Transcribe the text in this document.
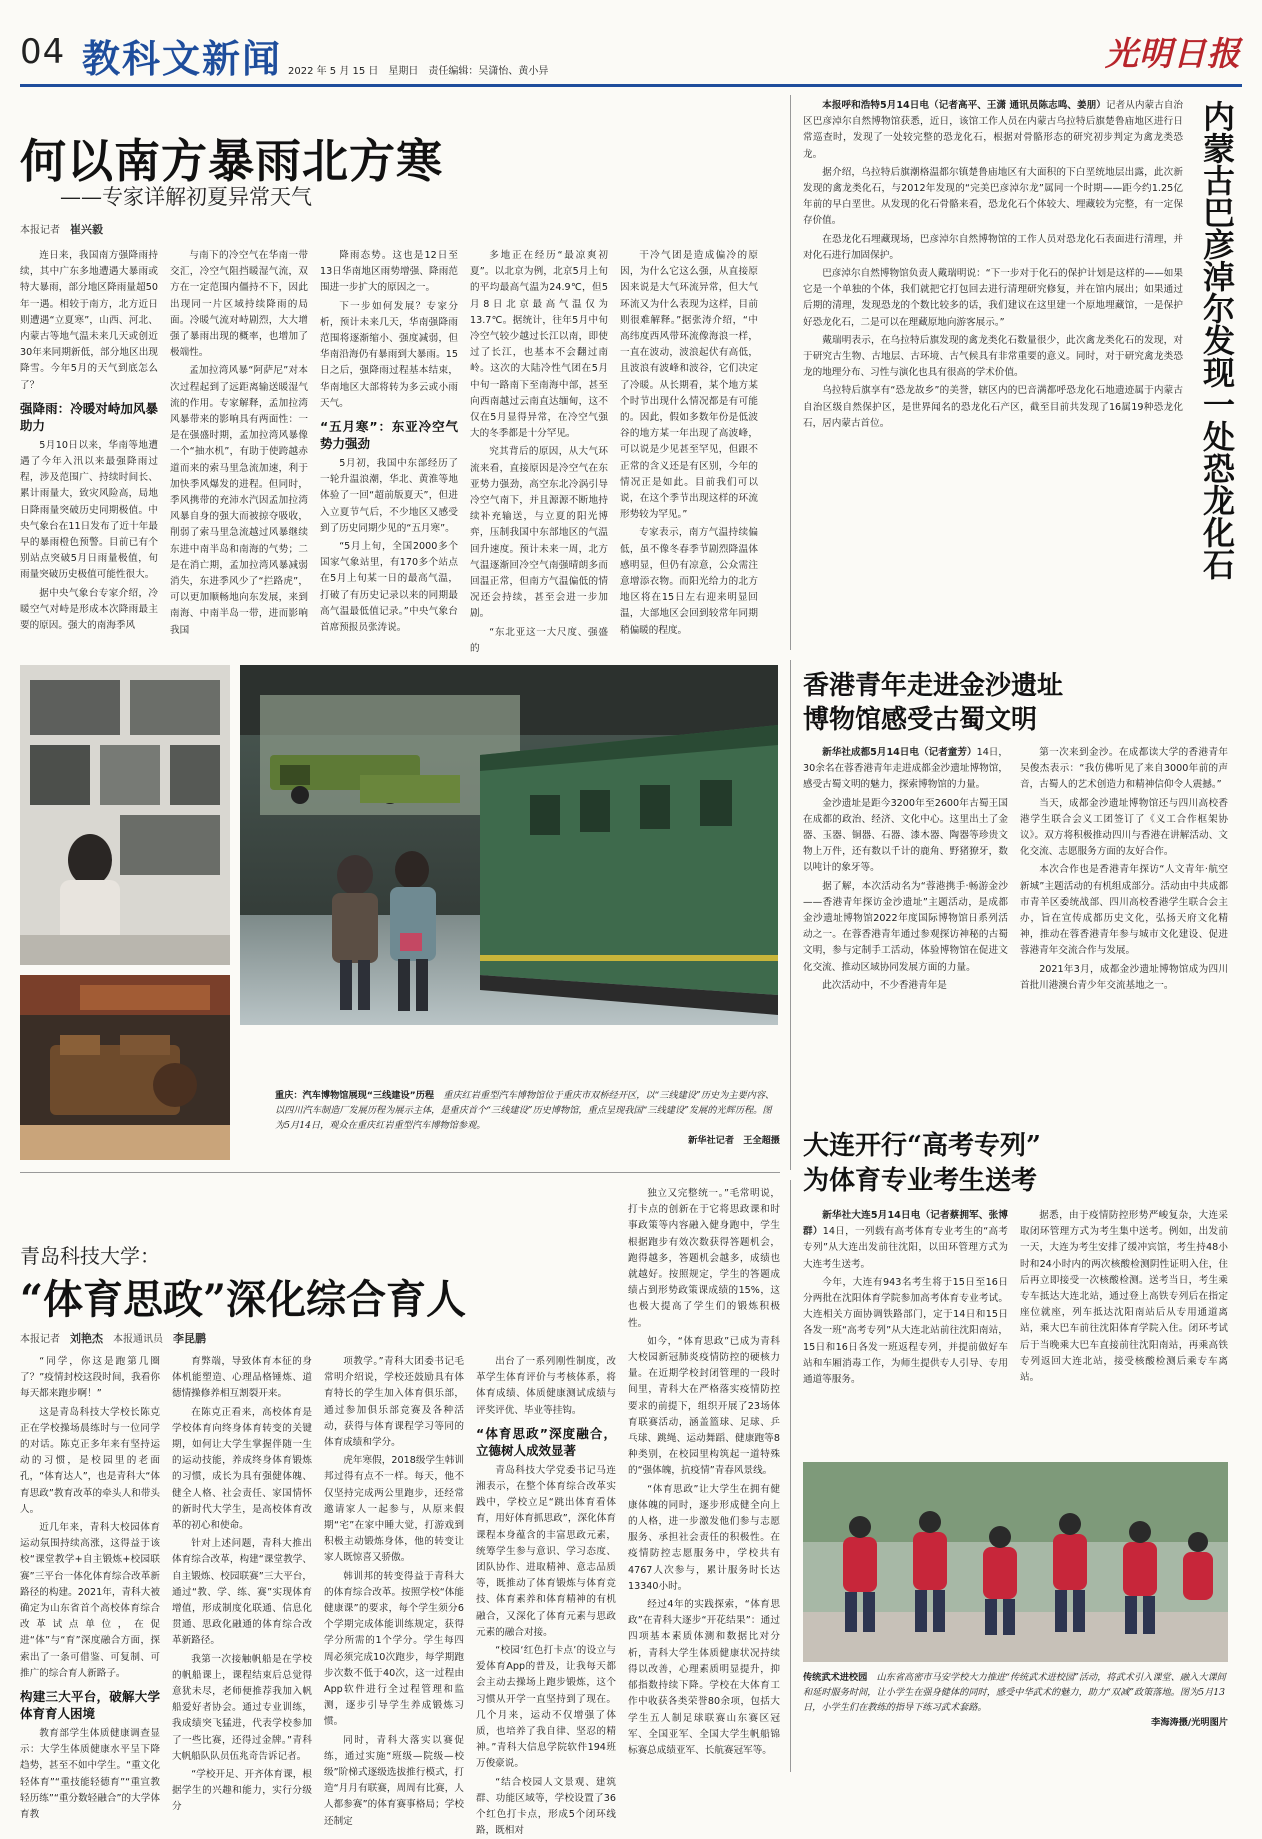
04 教科文新闻 2022 年 5 月 15 日　星期日　责任编辑：吴潇怡、黄小异	光明日报
何以南方暴雨北方寒
——专家详解初夏异常天气
本报记者　 崔兴毅

连日来，我国南方强降雨持续，其中广东多地遭遇大暴雨或特大暴雨，部分地区降雨量超50年一遇。相较于南方，北方近日则遭遇“立夏寒”，山西、河北、内蒙古等地气温未来几天或创近30年来同期新低，部分地区出现降雪。今年5月的天气到底怎么了？

强降雨：冷暖对峙加风暴助力

5月10日以来，华南等地遭遇了今年入汛以来最强降雨过程，涉及范围广、持续时间长、累计雨量大，致灾风险高，局地日降雨量突破历史同期极值。中央气象台在11日发布了近十年最早的暴雨橙色预警。目前已有个别站点突破5月日雨量极值，旬雨量突破历史极值可能性很大。

据中央气象台专家介绍，冷暖空气对峙是形成本次降雨最主要的原因。强大的南海季风

与南下的冷空气在华南一带交汇，冷空气阻挡暖湿气流，双方在一定范围内僵持不下，因此出现同一片区域持续降雨的局面。冷暖气流对峙剧烈，大大增强了暴雨出现的概率，也增加了极端性。

孟加拉湾风暴“阿萨尼”对本次过程起到了远距离输送暖湿气流的作用。专家解释，孟加拉湾风暴带来的影响具有两面性：一是在强盛时期，孟加拉湾风暴像一个“抽水机”，有助于使跨越赤道而来的索马里急流加速，利于加快季风爆发的进程。但同时，季风携带的充沛水汽因孟加拉湾风暴自身的强大而被掠夺吸收，削弱了索马里急流越过风暴继续东进中南半岛和南海的气势；二是在消亡期，孟加拉湾风暴减弱消失，东进季风少了“拦路虎”，可以更加顺畅地向东发展，来到南海、中南半岛一带，进而影响我国

降雨态势。这也是12日至13日华南地区雨势增强、降雨范围进一步扩大的原因之一。

下一步如何发展？专家分析，预计未来几天，华南强降雨范围将逐渐缩小、强度减弱，但华南沿海仍有暴雨到大暴雨。15日之后，强降雨过程基本结束，华南地区大部将转为多云或小雨天气。

“五月寒”：东亚冷空气势力强劲

5月初，我国中东部经历了一轮升温浪潮，华北、黄淮等地体验了一回“超前版夏天”，但进入立夏节气后，不少地区又感受到了历史同期少见的“五月寒”。

“5月上旬，全国2000多个国家气象站里，有170多个站点在5月上旬某一日的最高气温，打破了有历史记录以来的同期最高气温最低值记录。”中央气象台首席预报员张涛说。

多地正在经历“最凉爽初夏”。以北京为例，北京5月上旬的平均最高气温为24.9℃，但5月8日北京最高气温仅为13.7℃。据统计，往年5月中旬冷空气较少越过长江以南，即使过了长江，也基本不会翻过南岭。这次的大陆冷性气团在5月中旬一路南下至南海中部，甚至向西南越过云南直达缅甸，这不仅在5月显得异常，在冷空气强大的冬季都是十分罕见。

究其背后的原因，从大气环流来看，直接原因是冷空气在东亚势力强劲，高空东北冷涡引导冷空气南下，并且源源不断地持续补充输送，与立夏的阳光博弈，压制我国中东部地区的气温回升速度。预计未来一周，北方气温逐渐回冷空气南强晴朗多而回温正常，但南方气温偏低的情况还会持续，甚至会进一步加剧。

“东北亚这一大尺度、强盛的

干冷气团是造成偏冷的原因，为什么它这么强，从直接原因来说是大气环流异常，但大气环流又为什么表现为这样，目前则很难解释。”据张涛介绍，“中高纬度西风带环流像海浪一样，一直在波动，波浪起伏有高低，且波浪有波峰和波谷，它们决定了冷暖。从长期看，某个地方某个时节出现什么情况都是有可能的。因此，假如多数年份是低波谷的地方某一年出现了高波峰，可以说是少见甚至罕见，但跟不正常的含义还是有区别，今年的情况正是如此。目前我们可以说，在这个季节出现这样的环流形势较为罕见。”

专家表示，南方气温持续偏低，虽不像冬春季节剧烈降温体感明显，但仍有凉意，公众需注意增添衣物。而阳光给力的北方地区将在15日左右迎来明显回温，大部地区会回到较常年同期稍偏暖的程度。

本报呼和浩特5月14日电（记者高平、王潇 通讯员陈志鸣、姜朋）记者从内蒙古自治区巴彦淖尔自然博物馆获悉，近日，该馆工作人员在内蒙古乌拉特后旗楚鲁庙地区进行日常巡查时，发现了一处较完整的恐龙化石，根据对骨骼形态的研究初步判定为禽龙类恐龙。

据介绍，乌拉特后旗潮格温都尔镇楚鲁庙地区有大面积的下白垩统地层出露，此次新发现的禽龙类化石，与2012年发现的“完美巴彦淖尔龙”属同一个时期——距今约1.25亿年前的早白垩世。从发现的化石骨骼来看，恐龙化石个体较大、埋藏较为完整，有一定保存价值。

在恐龙化石埋藏现场，巴彦淖尔自然博物馆的工作人员对恐龙化石表面进行清理，并对化石进行加固保护。

巴彦淖尔自然博物馆负责人戴瑞明说：“下一步对于化石的保护计划是这样的——如果它是一个单独的个体，我们就把它打包回去进行清理研究修复，并在馆内展出；如果通过后期的清理，发现恐龙的个数比较多的话，我们建议在这里建一个原地埋藏馆，一是保护好恐龙化石，二是可以在理藏原地向游客展示。”

戴瑞明表示，在乌拉特后旗发现的禽龙类化石数量很少，此次禽龙类化石的发现，对于研究古生物、古地层、古环境、古气候具有非常重要的意义。同时，对于研究禽龙类恐龙的地理分布、习性与演化也具有很高的学术价值。

乌拉特后旗享有“恐龙故乡”的美誉，辖区内的巴音满都呼恐龙化石地遗迹属于内蒙古自治区级自然保护区，是世界闻名的恐龙化石产区，截至目前共发现了16属19种恐龙化石，居内蒙古首位。	内蒙古巴彦淖尔发现一处恐龙化石
重庆：汽车博物馆展现“三线建设”历程　重庆红岩重型汽车博物馆位于重庆市双桥经开区，以“三线建设”历史为主要内容、以四川汽车制造厂发展历程为展示主体，是重庆首个“三线建设”历史博物馆，重点呈现我国“三线建设”发展的光辉历程。图为5月14日，观众在重庆红岩重型汽车博物馆参观。
新华社记者　王全超摄
香港青年走进金沙遗址
博物馆感受古蜀文明

新华社成都5月14日电（记者童芳）14日，30余名在蓉香港青年走进成都金沙遗址博物馆，感受古蜀文明的魅力，探索博物馆的力量。

金沙遗址是距今3200年至2600年古蜀王国在成都的政治、经济、文化中心。这里出土了金器、玉器、铜器、石器、漆木器、陶器等珍贵文物上万件，还有数以千计的鹿角、野猪獠牙，数以吨计的象牙等。

据了解，本次活动名为“蓉港携手·畅游金沙——香港青年探访金沙遗址”主题活动，是成都金沙遗址博物馆2022年度国际博物馆日系列活动之一。在蓉香港青年通过参观探访神秘的古蜀文明，参与定制手工活动，体验博物馆在促进文化交流、推动区域协同发展方面的力量。

此次活动中，不少香港青年是

第一次来到金沙。在成都读大学的香港青年吴俊杰表示：“我仿佛听见了来自3000年前的声音，古蜀人的艺术创造力和精神信仰令人震撼。”

当天，成都金沙遗址博物馆还与四川高校香港学生联合会义工团签订了《义工合作框架协议》。双方将积极推动四川与香港在讲解活动、文化交流、志愿服务方面的友好合作。

本次合作也是香港青年探访“人文青年·航空新城”主题活动的有机组成部分。活动由中共成都市青羊区委统战部、四川高校香港学生联合会主办，旨在宣传成都历史文化，弘扬天府文化精神，推动在蓉香港青年参与城市文化建设、促进蓉港青年交流合作与发展。

2021年3月，成都金沙遗址博物馆成为四川首批川港澳台青少年交流基地之一。

大连开行“高考专列”
为体育专业考生送考

新华社大连5月14日电（记者蔡拥军、张博群）14日，一列载有高考体育专业考生的“高考专列”从大连出发前往沈阳，以田环管理方式为大连考生送考。

今年，大连有943名考生将于15日至16日分两批在沈阳体育学院参加高考体育专业考试。大连相关方面协调铁路部门，定于14日和15日各发一班“高考专列”从大连北站前往沈阳南站，15日和16日各发一班返程专列，并提前做好车站和车厢消毒工作，为师生提供专人引导、专用通道等服务。

据悉，由于疫情防控形势严峻复杂，大连采取闭环管理方式为考生集中送考。例如，出发前一天，大连为考生安排了缓冲宾馆，考生持48小时和24小时内的两次核酸检测阴性证明入住，住后再立即接受一次核酸检测。送考当日，考生乘专车抵达大连北站，通过登上高铁专列后在指定座位就座，列车抵达沈阳南站后从专用通道离站，乘大巴车前往沈阳体育学院入住。闭环考试后于当晚乘大巴车直接前往沈阳南站，再乘高铁专列返回大连北站，接受核酸检测后乘专车离站。

传统武术进校园　山东省高密市马安学校大力推进“传统武术进校园”活动，将武术引入课堂、融入大课间和延时服务时间，让小学生在强身健体的同时，感受中华武术的魅力，助力“双减”政策落地。图为5月13日，小学生们在教练的指导下练习武术套路。
李海涛摄/光明图片
青岛科技大学：
“体育思政”深化综合育人
本报记者　 刘艳杰　 本报通讯员　 李昆鹏

“同学，你这是跑第几圈了？”疫情封校这段时间，我看你每天都来跑步啊！”

这是青岛科技大学校长陈克正在学校操场晨练时与一位同学的对话。陈克正多年来有坚持运动的习惯，是校园里的老面孔，“体育达人”，也是青科大“体育思政”教育改革的牵头人和带头人。

近几年来，青科大校园体育运动氛围持续高涨，这得益于该校“课堂教学+自主锻炼+校园联赛”三平台一体化体育综合改革新路径的构建。2021年，青科大被确定为山东省首个高校体育综合改革试点单位，在促进“体”与“育”深度融合方面，探索出了一条可借鉴、可复制、可推广的综合育人新路子。

构建三大平台，破解大学体育育人困境

教育部学生体质健康调查显示：大学生体质健康水平呈下降趋势，甚至不如中学生。“重文化轻体育”“重技能轻德育”“重宣教轻历练”“重分数轻融合”的大学体育教

育弊端，导致体育本征的身体机能塑造、心理品格锤炼、道德情操修养相互割裂开来。

在陈克正看来，高校体育是学校体育向终身体育转变的关键期，如何让大学生掌握伴随一生的运动技能，养成终身体育锻炼的习惯，成长为具有强健体魄、健全人格、社会责任、家国情怀的新时代大学生，是高校体育改革的初心和使命。

针对上述问题，青科大推出体育综合改革，构建“课堂教学、自主锻炼、校园联赛”三大平台，通过“教、学、练、赛”实现体育增值，形成制度化联通、信息化贯通、思政化融通的体育综合改革新路径。

我第一次接触帆船是在学校的帆船课上，课程结束后总觉得意犹未尽，老师便推荐我加入帆船爱好者协会。通过专业训练，我成绩突飞猛进，代表学校参加了一些比赛，还得过金牌。”青科大帆船队队员伍兆奇告诉记者。

“学校开足、开齐体育课，根据学生的兴趣和能力，实行分级分

项教学。”青科大团委书记毛常明介绍说，学校还鼓励具有体育特长的学生加入体育俱乐部，通过参加俱乐部竞赛及各种活动，获得与体育课程学习等同的体育成绩和学分。

虎年寒假，2018级学生韩训邦过得有点不一样。每天，他不仅坚持完成两公里跑步，还经常邀请家人一起参与，从原来假期“宅”在家中睡大觉，打游戏到积极主动锻炼身体，他的转变让家人既惊喜又骄傲。

韩训邦的转变得益于青科大的体育综合改革。按照学校“体能健康课”的要求，每个学生须分6个学期完成体能训练规定，获得学分所需的1个学分。学生每四周必须完成10次跑步，每学期跑步次数不低于40次，这一过程由App软件进行全过程管理和监测，逐步引导学生养成锻炼习惯。

同时，青科大落实以赛促练，通过实施“班级—院级—校级”阶梯式逐级选拔推行模式，打造“月月有联赛，周周有比赛，人人都参赛”的体育赛事格局；学校还制定

出台了一系列刚性制度，改革学生体育评价与考核体系，将体育成绩、体质健康测试成绩与评奖评优、毕业等挂钩。

“体育思政”深度融合，立德树人成效显著

青岛科技大学党委书记马连湘表示，在整个体育综合改革实践中，学校立足“跳出体育看体育，用好体育抓思政”，深化体育课程本身蕴含的丰富思政元素，统筹学生参与意识、学习态度、团队协作、进取精神、意志品质等，既推动了体育锻炼与体育竞技、体育素养和体育精神的有机融合，又深化了体育元素与思政元素的融合对接。

“校园‘红色打卡点’的设立与爱体育App的普及，让我每天都会主动去操场上跑步锻炼，这个习惯从开学一直坚持到了现在。几个月来，运动不仅增强了体质，也培养了我自律、坚忍的精神。”青科大信息学院软件194班万俊豪说。

“结合校园人文景观、建筑群、功能区域等，学校设置了36个红色打卡点，形成5个闭环线路，既相对

独立又完整统一。”毛常明说，打卡点的创新在于它将思政课和时事政策等内容融入健身跑中，学生根据跑步有效次数获得答题机会，跑得越多，答题机会越多，成绩也就越好。按照规定，学生的答题成绩占到形势政策课成绩的15%，这也极大提高了学生们的锻炼积极性。

如今，“体育思政”已成为青科大校园新冠肺炎疫情防控的硬核力量。在近期学校封闭管理的一段时间里，青科大在严格落实疫情防控要求的前提下，组织开展了23场体育联赛活动，涵盖篮球、足球、乒乓球、跳绳、运动舞蹈、健康跑等8种类别，在校园里构筑起一道特殊的“强体魄，抗疫情”青春风景线。

“体育思政”让大学生在拥有健康体魄的同时，逐步形成健全向上的人格，进一步激发他们参与志愿服务、承担社会责任的积极性。在疫情防控志愿服务中，学校共有4767人次参与，累计服务时长达13340小时。

经过4年的实践探索，“体育思政”在青科大逐步“开花结果”：通过四项基本素质体测和数据比对分析，青科大学生体质健康状况持续得以改善，心理素质明显提升，抑郁指数持续下降。学校在大体育工作中收获各类荣誉80余项，包括大学生五人制足球联赛山东赛区冠军、全国亚军、全国大学生帆船锦标赛总成绩亚军、长航赛冠军等。
